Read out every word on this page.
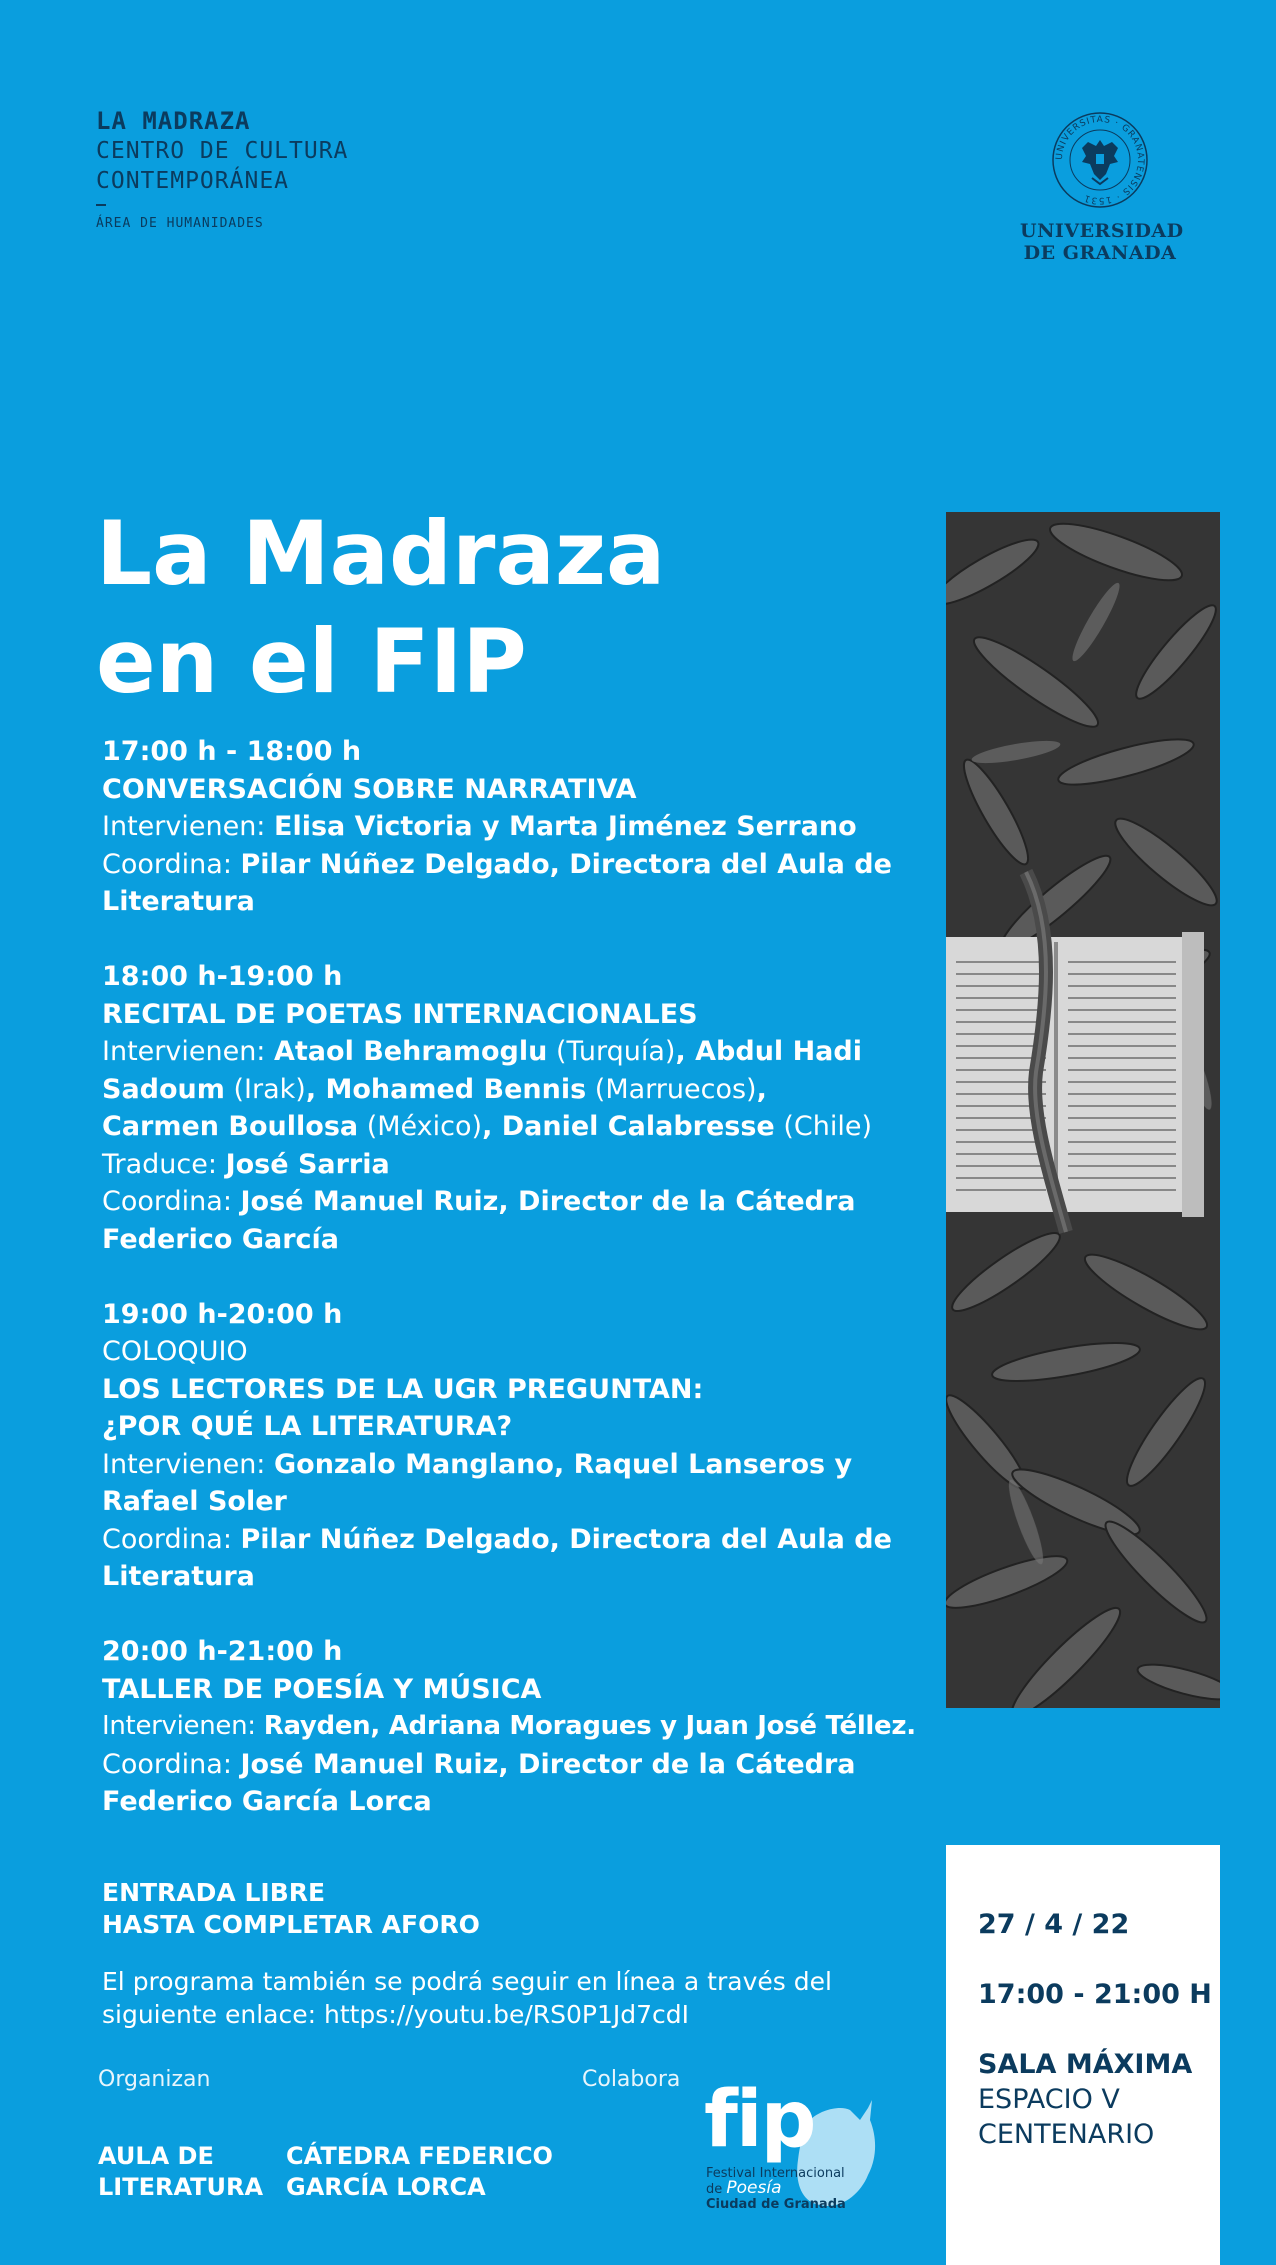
LA MADRAZA
CENTRO DE CULTURA
CONTEMPORÁNEA
ÁREA DE HUMANIDADES
UNIVERSITAS · GRANATENSIS · 1531
UNIVERSIDAD
DE GRANADA
La Madraza
en el FIP
17:00 h - 18:00 h
CONVERSACIÓN SOBRE NARRATIVA
Intervienen: Elisa Victoria y Marta Jiménez Serrano
Coordina: Pilar Núñez Delgado, Directora del Aula de
Literatura
18:00 h-19:00 h
RECITAL DE POETAS INTERNACIONALES
Intervienen: Ataol Behramoglu (Turquía), Abdul Hadi
Sadoum (Irak), Mohamed Bennis (Marruecos),
Carmen Boullosa (México), Daniel Calabresse (Chile)
Traduce: José Sarria
Coordina: José Manuel Ruiz, Director de la Cátedra
Federico García
19:00 h-20:00 h
COLOQUIO
LOS LECTORES DE LA UGR PREGUNTAN:
¿POR QUÉ LA LITERATURA?
Intervienen: Gonzalo Manglano, Raquel Lanseros y
Rafael Soler
Coordina: Pilar Núñez Delgado, Directora del Aula de
Literatura
20:00 h-21:00 h
TALLER DE POESÍA Y MÚSICA
Intervienen: Rayden, Adriana Moragues y Juan José Téllez.
Coordina: José Manuel Ruiz, Director de la Cátedra
Federico García Lorca
ENTRADA LIBRE
HASTA COMPLETAR AFORO
El programa también se podrá seguir en línea a través del
siguiente enlace: https://youtu.be/RS0P1Jd7cdI
Organizan	Colabora
AULA DE
LITERATURA
CÁTEDRA FEDERICO
GARCÍA LORCA
fip
Festival Internacional
de Poesía
Ciudad de Granada
27 / 4 / 22
17:00 - 21:00 H
SALA MÁXIMA
ESPACIO V
CENTENARIO
